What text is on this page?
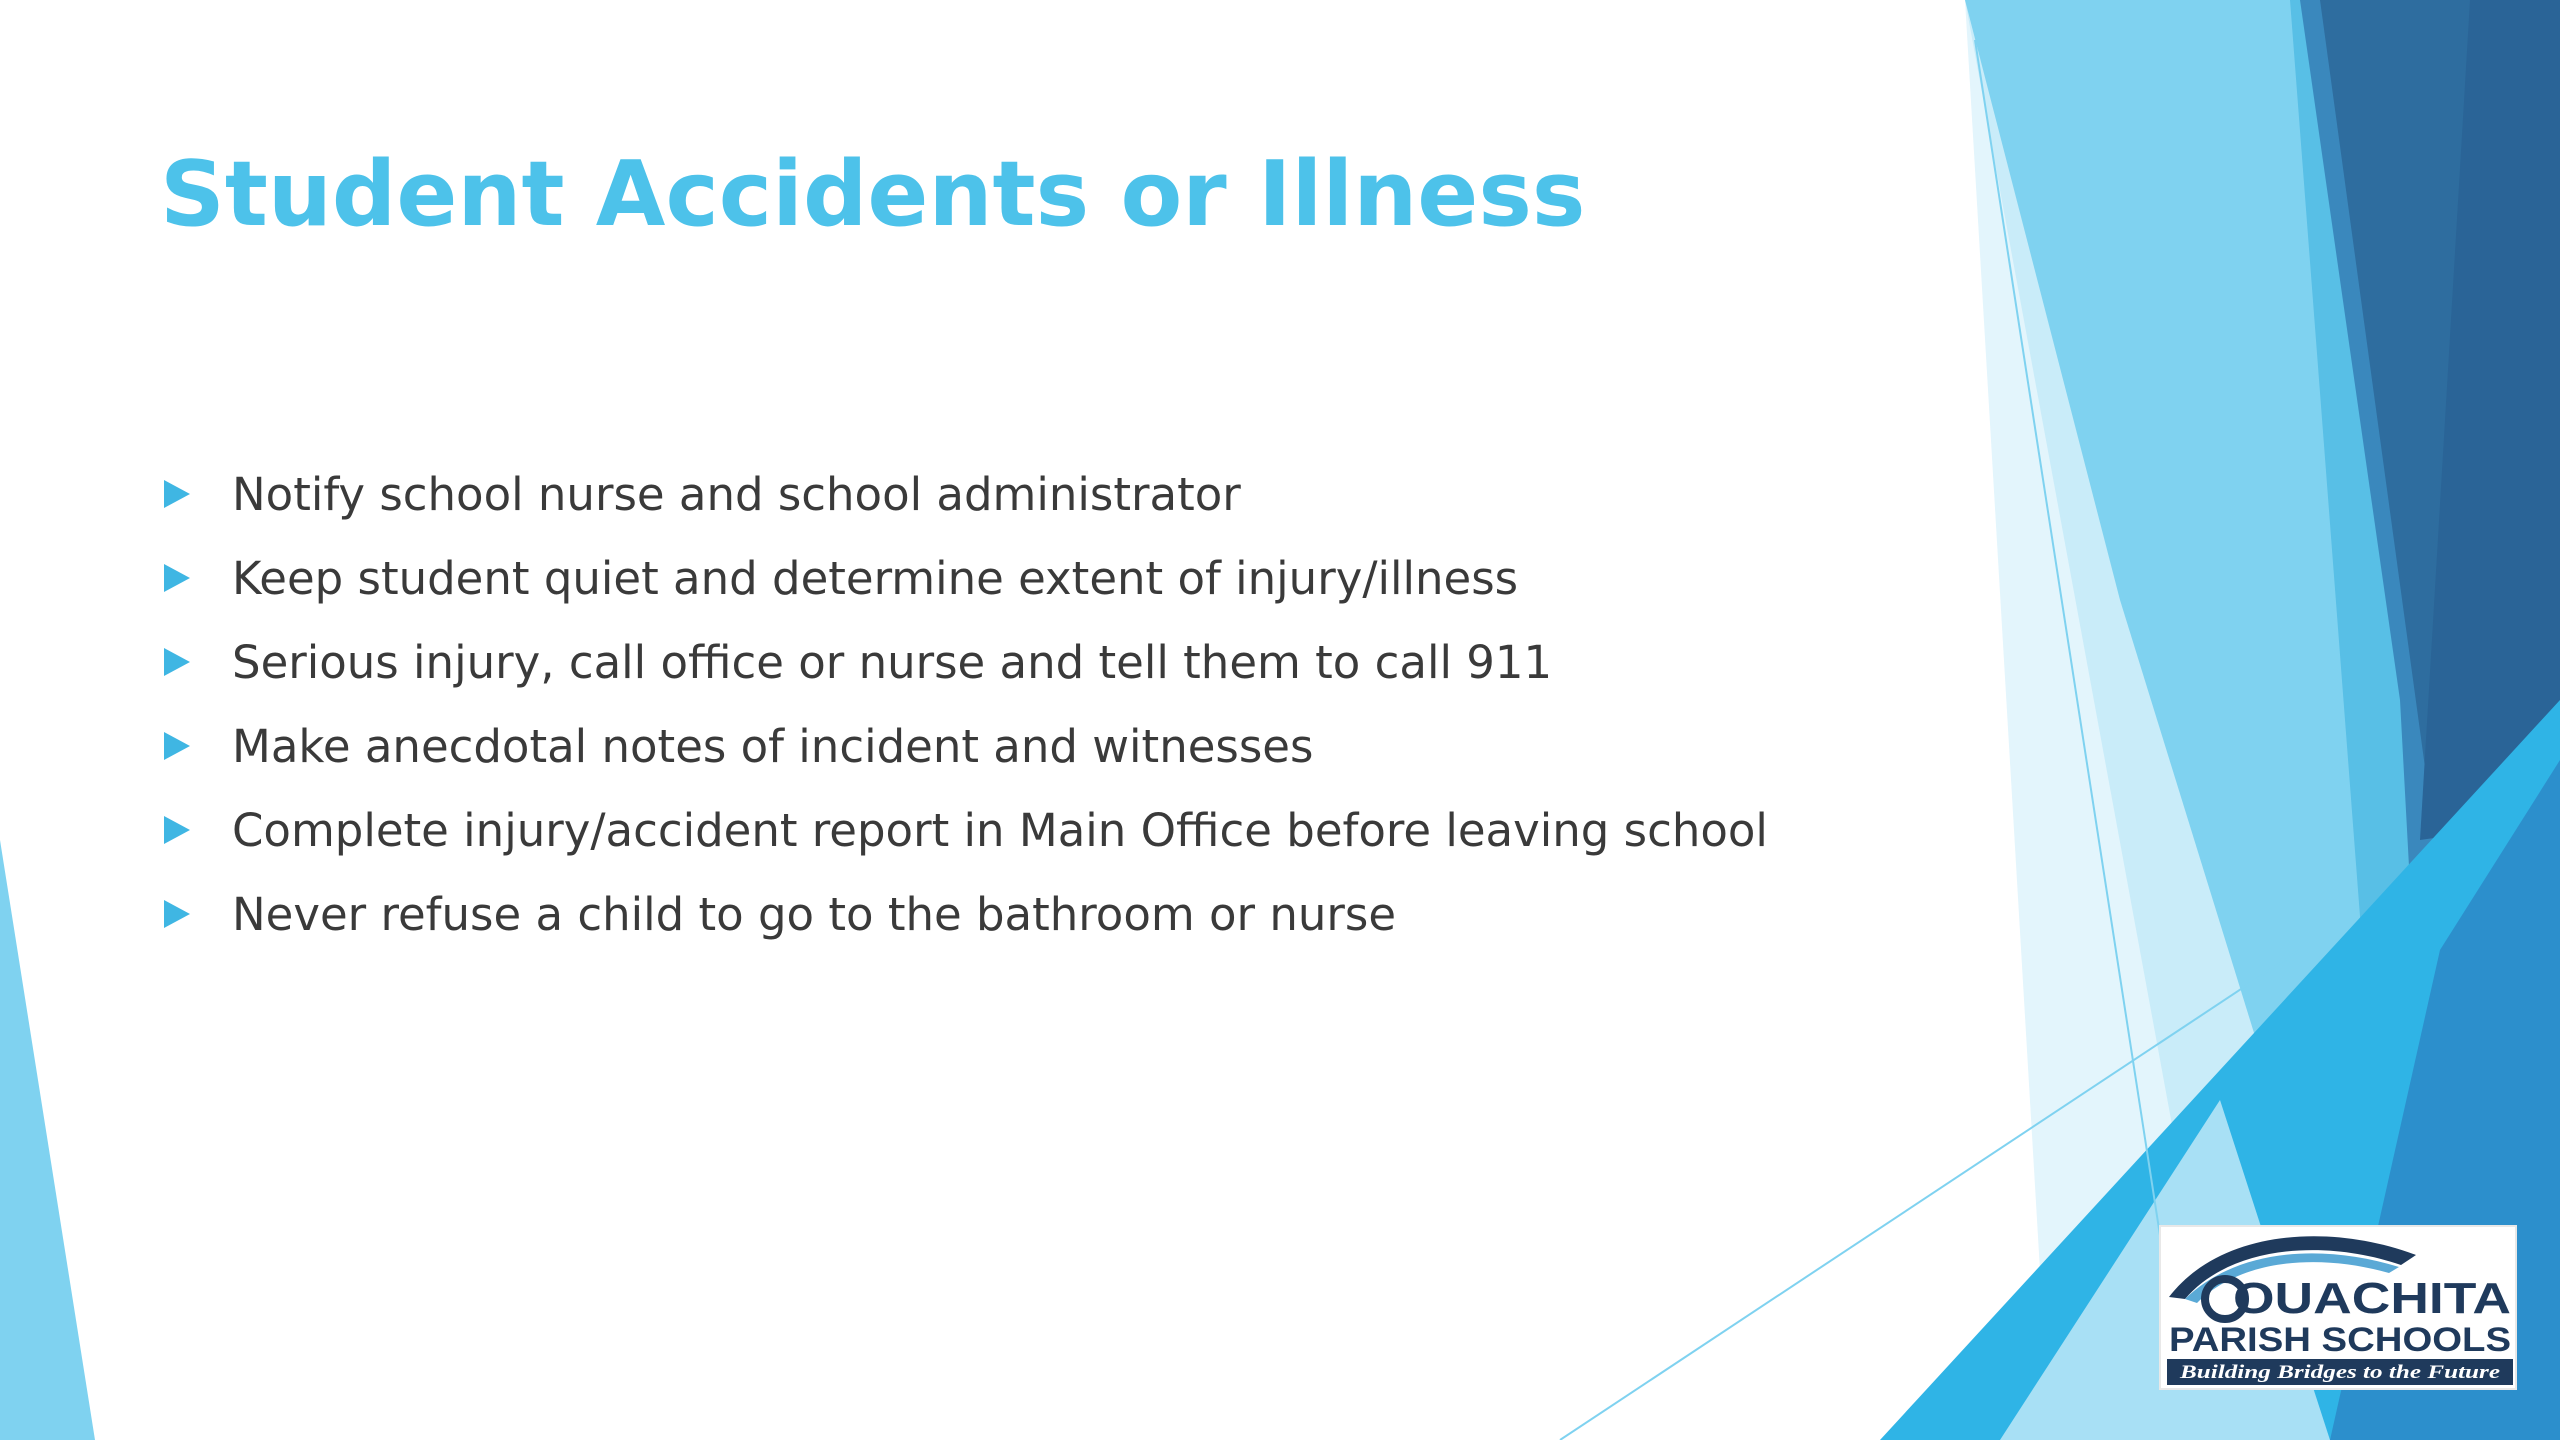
Student Accidents or Illness
Notify school nurse and school administrator
Keep student quiet and determine extent of injury/illness
Serious injury, call office or nurse and tell them to call 911
Make anecdotal notes of incident and witnesses
Complete injury/accident report in Main Office before leaving school
Never refuse a child to go to the bathroom or nurse
OUACHITA
PARISH SCHOOLS
Building Bridges to the Future
